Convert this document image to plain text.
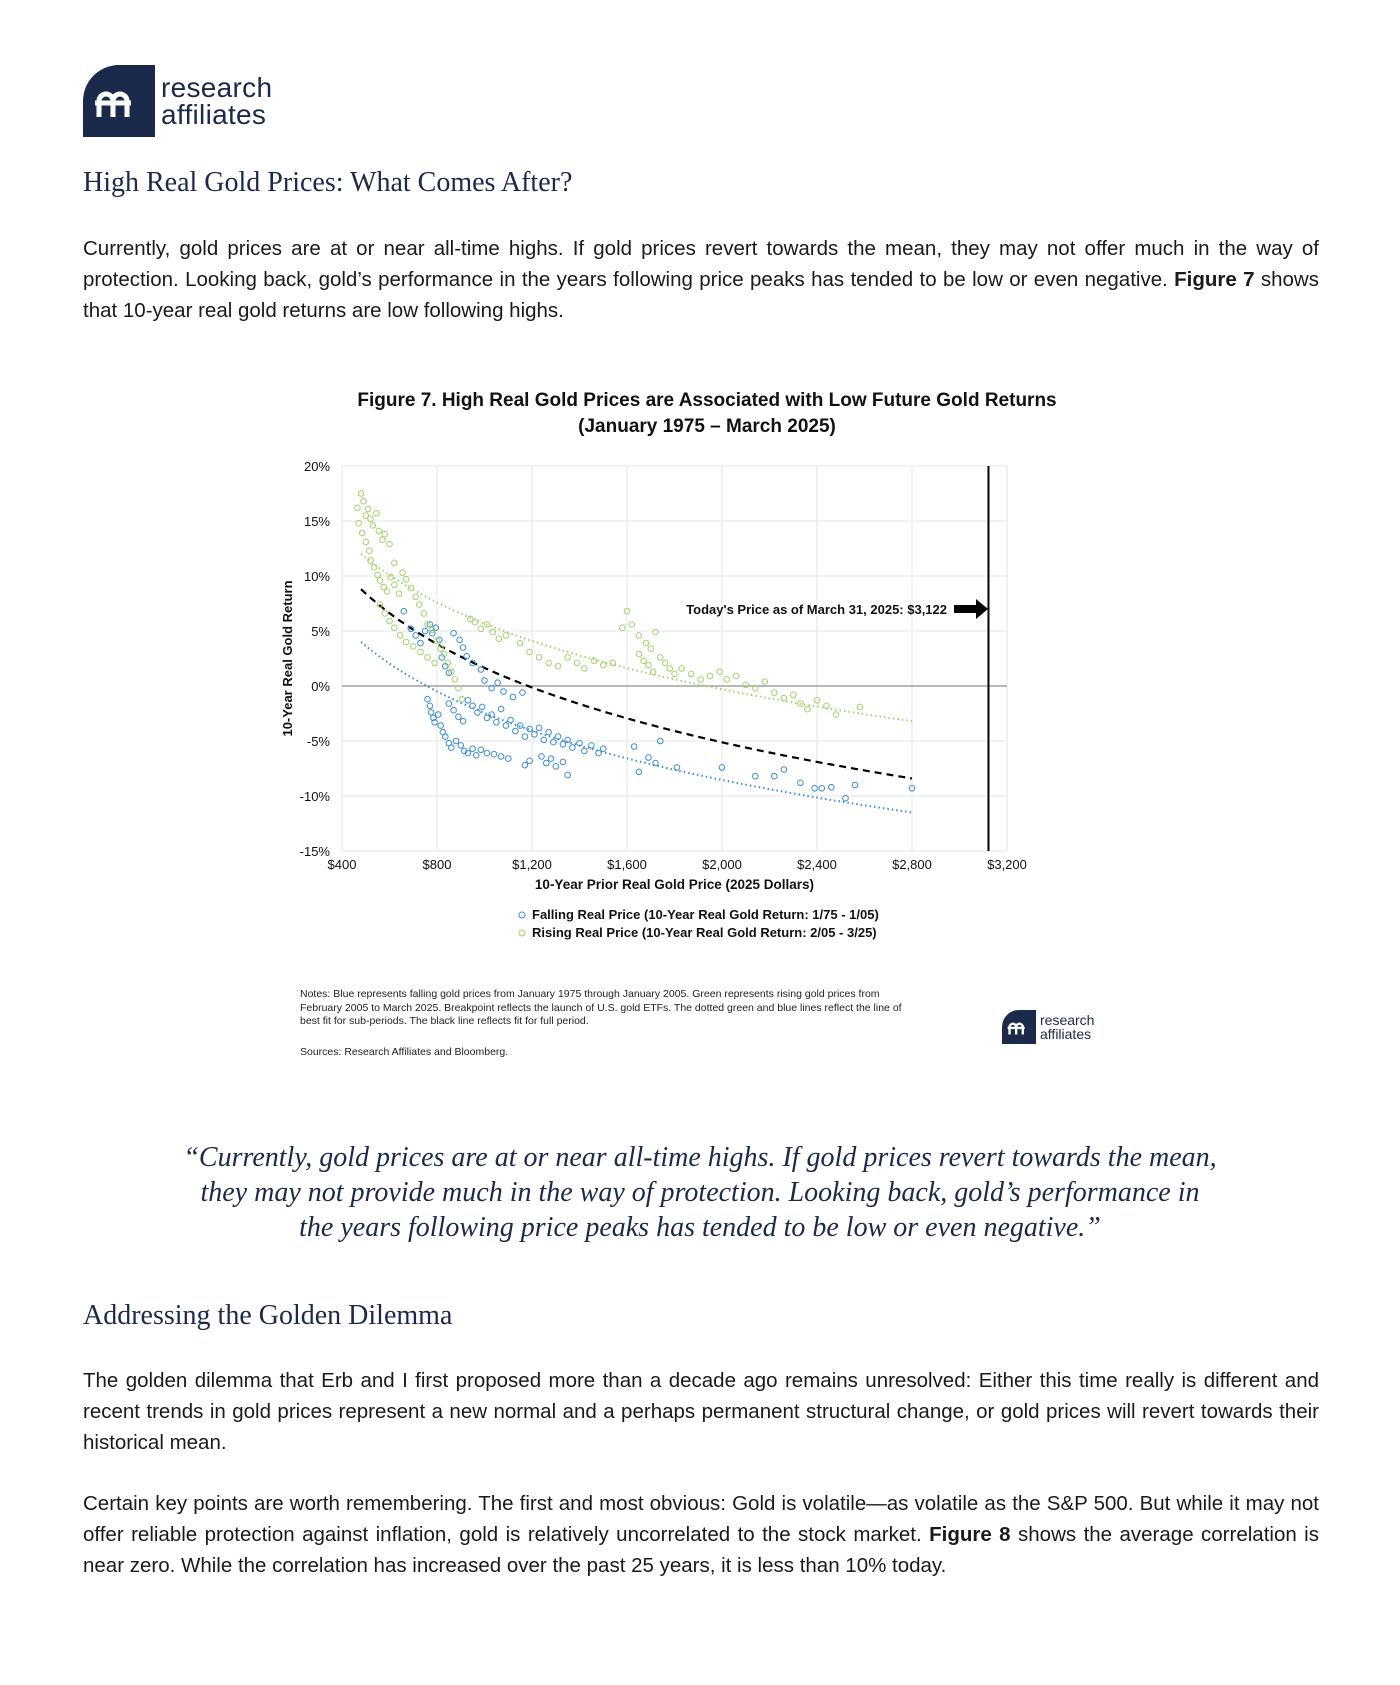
research
affiliates
High Real Gold Prices: What Comes After?

Currently, gold prices are at or near all-time highs. If gold prices revert towards the mean, they may not offer much in the way of protection. Looking back, gold’s performance in the years following price peaks has tended to be low or even negative. Figure 7 shows that 10-year real gold returns are low following highs.

Figure 7. High Real Gold Prices are Associated with Low Future Gold Returns
(January 1975 – March 2025)
$400	$800	$1,200	$1,600	$2,000	$2,400	$2,800	$3,200
20%
15%
10%
5%
0%
-5%
-10%
-15%
10-Year Prior Real Gold Price (2025 Dollars)
10-Year Real Gold Return	Today's Price as of March 31, 2025: $3,122
Falling Real Price (10-Year Real Gold Return: 1/75 - 1/05)
Rising Real Price (10-Year Real Gold Return: 2/05 - 3/25)
Notes: Blue represents falling gold prices from January 1975 through January 2005. Green represents rising gold prices from February 2005 to March 2025. Breakpoint reflects the launch of U.S. gold ETFs. The dotted green and blue lines reflect the line of best fit for sub-periods. The black line reflects fit for full period.
Sources: Research Affiliates and Bloomberg.
research
affiliates

“Currently, gold prices are at or near all-time highs. If gold prices revert towards the mean, they may not provide much in the way of protection. Looking back, gold’s performance in the years following price peaks has tended to be low or even negative.”

Addressing the Golden Dilemma

The golden dilemma that Erb and I first proposed more than a decade ago remains unresolved: Either this time really is different and recent trends in gold prices represent a new normal and a perhaps permanent structural change, or gold prices will revert towards their historical mean.

Certain key points are worth remembering. The first and most obvious: Gold is volatile—as volatile as the S&P 500. But while it may not offer reliable protection against inflation, gold is relatively uncorrelated to the stock market. Figure 8 shows the average correlation is near zero. While the correlation has increased over the past 25 years, it is less than 10% today.
